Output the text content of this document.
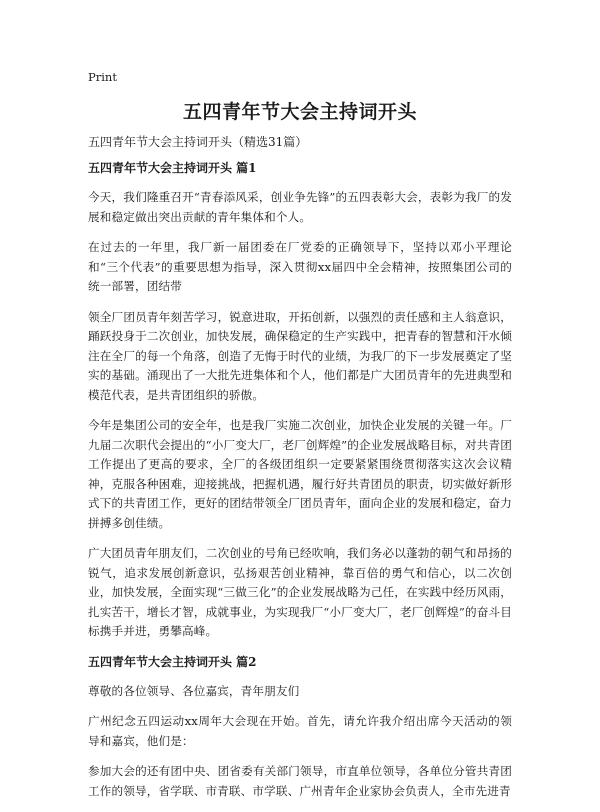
Print
五四青年节大会主持词开头

五四青年节大会主持词开头（精选31篇）

五四青年节大会主持词开头 篇1

今天，我们隆重召开“青春添风采，创业争先锋”的五四表彰大会，表彰为我厂的发展和稳定做出突出贡献的青年集体和个人。

在过去的一年里，我厂新一届团委在厂党委的正确领导下，坚持以邓小平理论和“三个代表”的重要思想为指导，深入贯彻xx届四中全会精神，按照集团公司的统一部署，团结带

领全厂团员青年刻苦学习，锐意进取，开拓创新，以强烈的责任感和主人翁意识，踊跃投身于二次创业，加快发展，确保稳定的生产实践中，把青春的智慧和汗水倾注在全厂的每一个角落，创造了无悔于时代的业绩，为我厂的下一步发展奠定了坚实的基础。涌现出了一大批先进集体和个人，他们都是广大团员青年的先进典型和模范代表，是共青团组织的骄傲。

今年是集团公司的安全年，也是我厂实施二次创业，加快企业发展的关键一年。厂九届二次职代会提出的“小厂变大厂，老厂创辉煌”的企业发展战略目标，对共青团工作提出了更高的要求，全厂的各级团组织一定要紧紧围绕贯彻落实这次会议精神，克服各种困难，迎接挑战，把握机遇，履行好共青团员的职责，切实做好新形式下的共青团工作，更好的团结带领全厂团员青年，面向企业的发展和稳定，奋力拼搏多创佳绩。

广大团员青年朋友们，二次创业的号角已经吹响，我们务必以蓬勃的朝气和昂扬的锐气，追求发展创新意识，弘扬艰苦创业精神，靠百倍的勇气和信心，以二次创业，加快发展，全面实现“三做三化”的企业发展战略为己任，在实践中经历风雨，扎实苦干，增长才智，成就事业，为实现我厂“小厂变大厂，老厂创辉煌”的奋斗目标携手并进，勇攀高峰。

五四青年节大会主持词开头 篇2

尊敬的各位领导、各位嘉宾，青年朋友们

广州纪念五四运动xx周年大会现在开始。首先，请允许我介绍出席今天活动的领导和嘉宾，他们是：

参加大会的还有团中央、团省委有关部门领导，市直单位领导，各单位分管共青团工作的领导，省学联、市青联、市学联、广州青年企业家协会负责人，全市先进青
